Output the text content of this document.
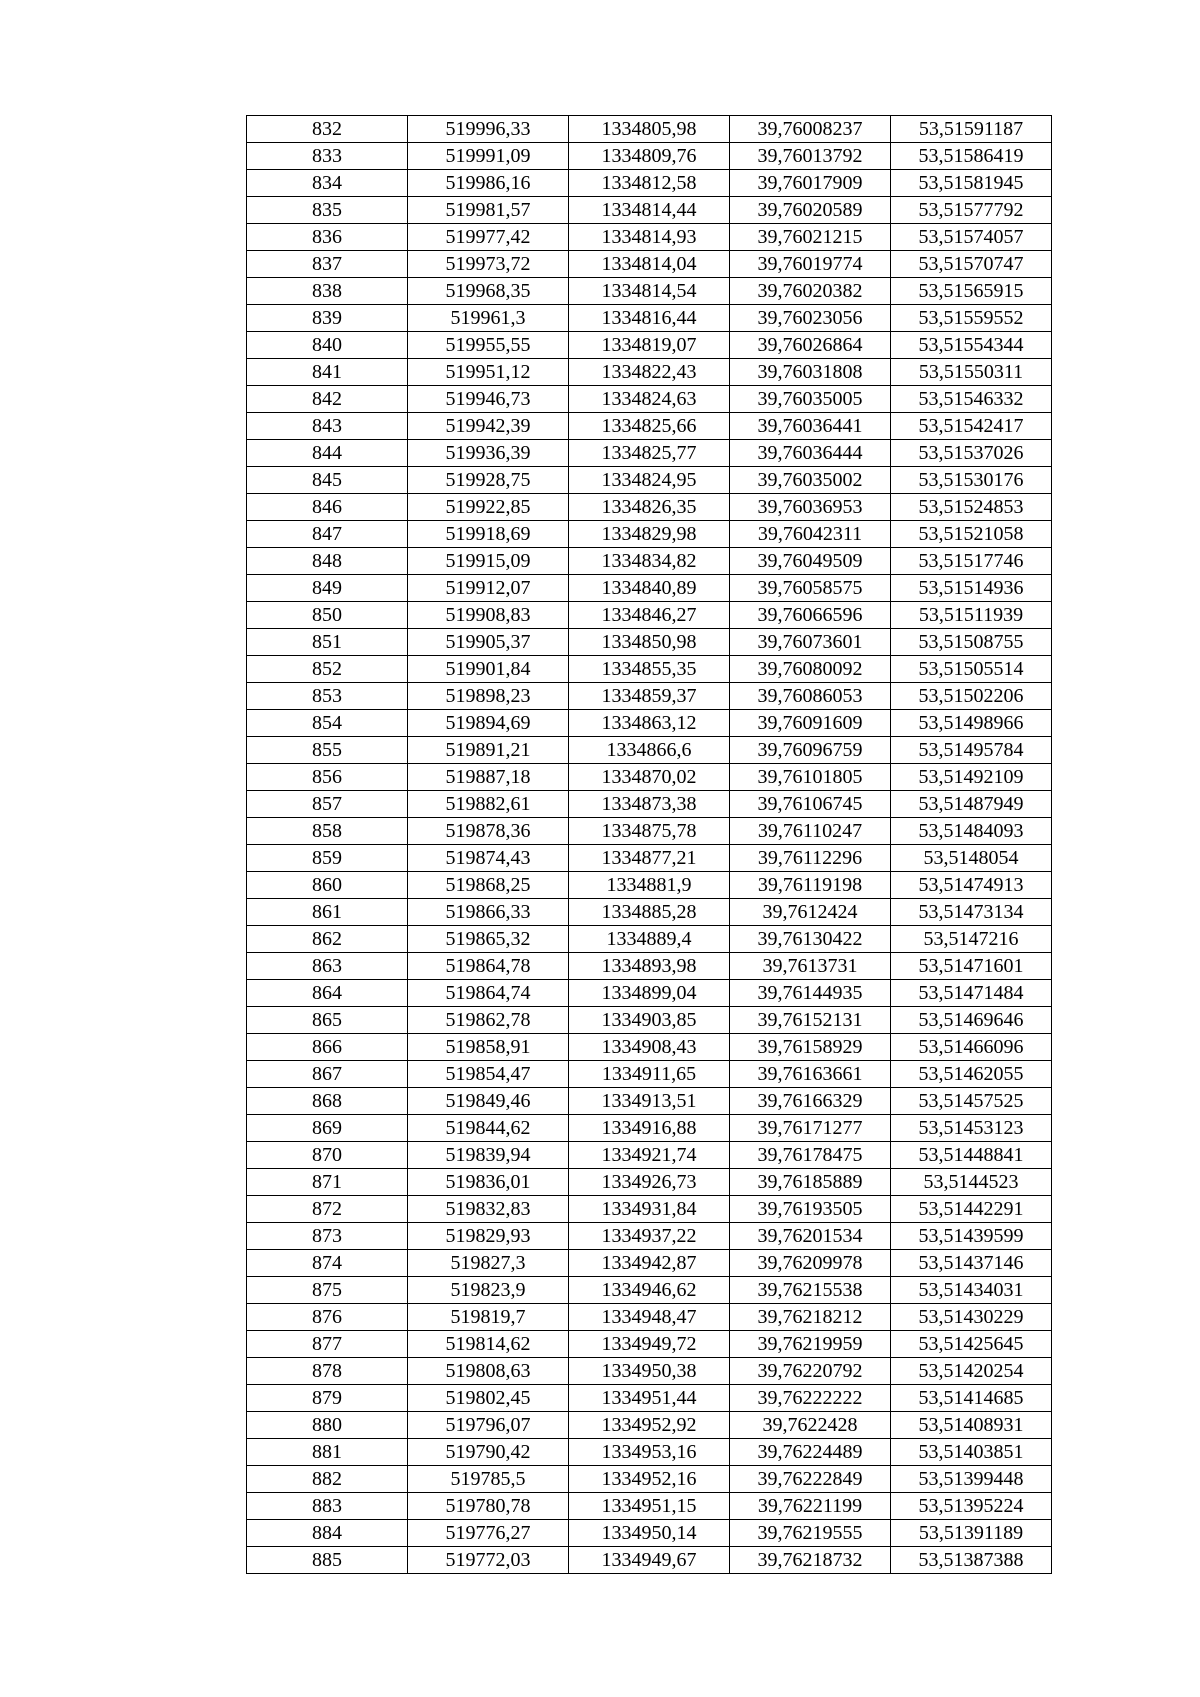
832	519996,33	1334805,98	39,76008237	53,51591187
833	519991,09	1334809,76	39,76013792	53,51586419
834	519986,16	1334812,58	39,76017909	53,51581945
835	519981,57	1334814,44	39,76020589	53,51577792
836	519977,42	1334814,93	39,76021215	53,51574057
837	519973,72	1334814,04	39,76019774	53,51570747
838	519968,35	1334814,54	39,76020382	53,51565915
839	519961,3	1334816,44	39,76023056	53,51559552
840	519955,55	1334819,07	39,76026864	53,51554344
841	519951,12	1334822,43	39,76031808	53,51550311
842	519946,73	1334824,63	39,76035005	53,51546332
843	519942,39	1334825,66	39,76036441	53,51542417
844	519936,39	1334825,77	39,76036444	53,51537026
845	519928,75	1334824,95	39,76035002	53,51530176
846	519922,85	1334826,35	39,76036953	53,51524853
847	519918,69	1334829,98	39,76042311	53,51521058
848	519915,09	1334834,82	39,76049509	53,51517746
849	519912,07	1334840,89	39,76058575	53,51514936
850	519908,83	1334846,27	39,76066596	53,51511939
851	519905,37	1334850,98	39,76073601	53,51508755
852	519901,84	1334855,35	39,76080092	53,51505514
853	519898,23	1334859,37	39,76086053	53,51502206
854	519894,69	1334863,12	39,76091609	53,51498966
855	519891,21	1334866,6	39,76096759	53,51495784
856	519887,18	1334870,02	39,76101805	53,51492109
857	519882,61	1334873,38	39,76106745	53,51487949
858	519878,36	1334875,78	39,76110247	53,51484093
859	519874,43	1334877,21	39,76112296	53,5148054
860	519868,25	1334881,9	39,76119198	53,51474913
861	519866,33	1334885,28	39,7612424	53,51473134
862	519865,32	1334889,4	39,76130422	53,5147216
863	519864,78	1334893,98	39,7613731	53,51471601
864	519864,74	1334899,04	39,76144935	53,51471484
865	519862,78	1334903,85	39,76152131	53,51469646
866	519858,91	1334908,43	39,76158929	53,51466096
867	519854,47	1334911,65	39,76163661	53,51462055
868	519849,46	1334913,51	39,76166329	53,51457525
869	519844,62	1334916,88	39,76171277	53,51453123
870	519839,94	1334921,74	39,76178475	53,51448841
871	519836,01	1334926,73	39,76185889	53,5144523
872	519832,83	1334931,84	39,76193505	53,51442291
873	519829,93	1334937,22	39,76201534	53,51439599
874	519827,3	1334942,87	39,76209978	53,51437146
875	519823,9	1334946,62	39,76215538	53,51434031
876	519819,7	1334948,47	39,76218212	53,51430229
877	519814,62	1334949,72	39,76219959	53,51425645
878	519808,63	1334950,38	39,76220792	53,51420254
879	519802,45	1334951,44	39,76222222	53,51414685
880	519796,07	1334952,92	39,7622428	53,51408931
881	519790,42	1334953,16	39,76224489	53,51403851
882	519785,5	1334952,16	39,76222849	53,51399448
883	519780,78	1334951,15	39,76221199	53,51395224
884	519776,27	1334950,14	39,76219555	53,51391189
885	519772,03	1334949,67	39,76218732	53,51387388
